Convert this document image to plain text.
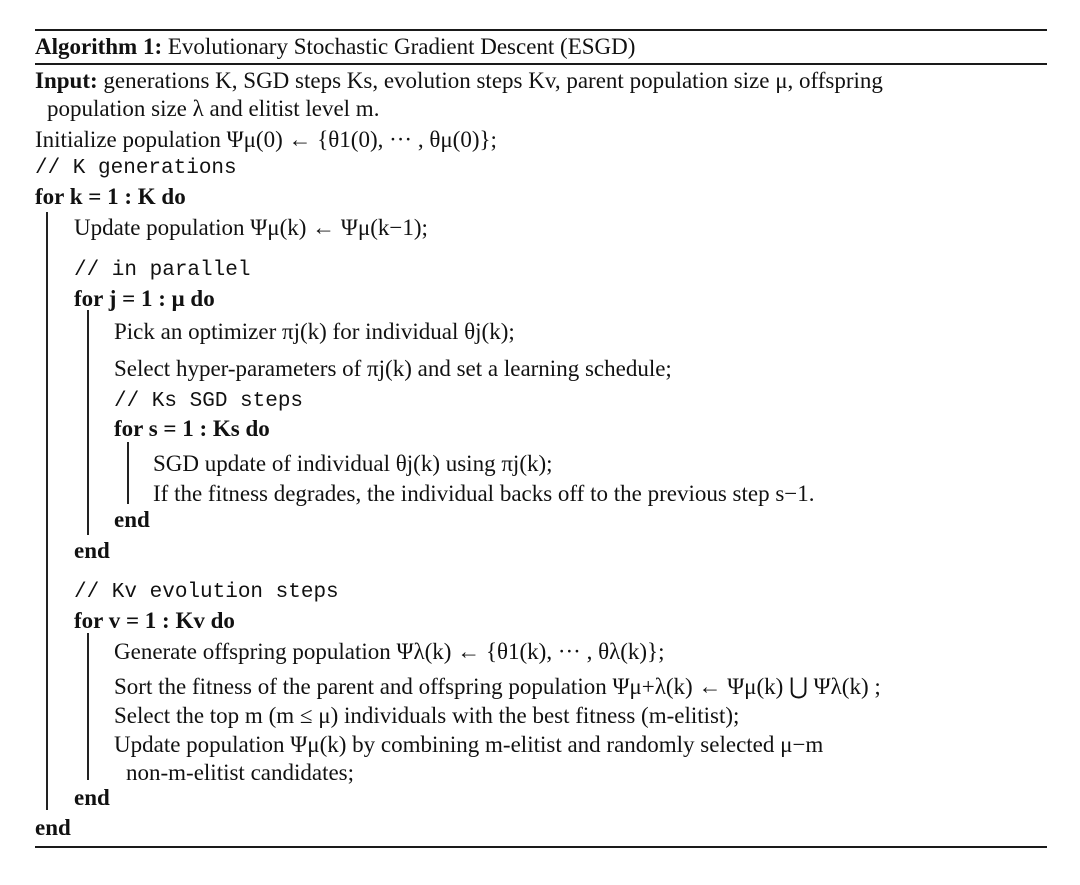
Algorithm 1: Evolutionary Stochastic Gradient Descent (ESGD)
Input: generations K, SGD steps Ks, evolution steps Kv, parent population size μ, offspring
population size λ and elitist level m.
Initialize population Ψμ(0) ← {θ1(0), ··· , θμ(0)};
// K generations
for k = 1 : K do
Update population Ψμ(k) ← Ψμ(k−1);
// in parallel
for j = 1 : μ do
Pick an optimizer πj(k) for individual θj(k);
Select hyper-parameters of πj(k) and set a learning schedule;
// Ks SGD steps
for s = 1 : Ks do
SGD update of individual θj(k) using πj(k);
If the fitness degrades, the individual backs off to the previous step s−1.
end
end
// Kv evolution steps
for v = 1 : Kv do
Generate offspring population Ψλ(k) ← {θ1(k), ··· , θλ(k)};
Sort the fitness of the parent and offspring population Ψμ+λ(k) ← Ψμ(k) ⋃ Ψλ(k) ;
Select the top m (m ≤ μ) individuals with the best fitness (m-elitist);
Update population Ψμ(k) by combining m-elitist and randomly selected μ−m
non-m-elitist candidates;
end
end
